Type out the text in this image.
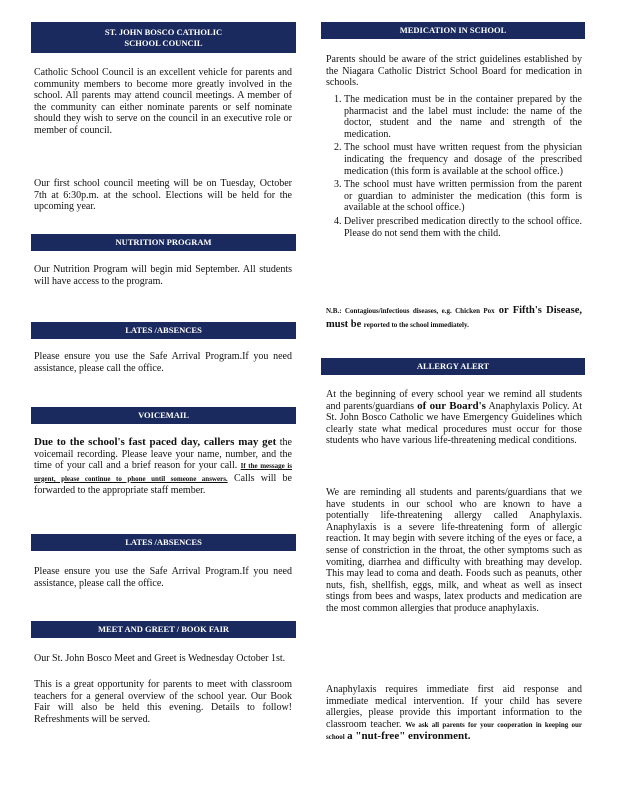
ST. JOHN BOSCO CATHOLIC
SCHOOL COUNCIL
Catholic School Council is an excellent vehicle for parents and community members to become more greatly involved in the school. All parents may attend council meetings. A member of the community can either nominate parents or self nominate should they wish to serve on the council in an executive role or member of council.
Our first school council meeting will be on Tuesday, October 7th at 6:30p.m. at the school. Elections will be held for the upcoming year.
NUTRITION PROGRAM
Our Nutrition Program will begin mid September. All students will have access to the program.
LATES /ABSENCES
Please ensure you use the Safe Arrival Program.If you need assistance, please call the office.
VOICEMAIL
Due to the school's fast paced day, callers may get the voicemail recording. Please leave your name, number, and the time of your call and a brief reason for your call. If the message is urgent, please continue to phone until someone answers. Calls will be forwarded to the appropriate staff member.
LATES /ABSENCES
Please ensure you use the Safe Arrival Program.If you need assistance, please call the office.
MEET AND GREET / BOOK FAIR
Our St. John Bosco Meet and Greet is Wednesday October 1st.
This is a great opportunity for parents to meet with classroom teachers for a general overview of the school year. Our Book Fair will also be held this evening. Details to follow! Refreshments will be served.
MEDICATION IN SCHOOL
Parents should be aware of the strict guidelines established by the Niagara Catholic District School Board for medication in schools.
1. The medication must be in the container prepared by the pharmacist and the label must include: the name of the doctor, student and the name and strength of the medication.
2. The school must have written request from the physician indicating the frequency and dosage of the prescribed medication (this form is available at the school office.)
3. The school must have written permission from the parent or guardian to administer the medication (this form is available at the school office.)
4. Deliver prescribed medication directly to the school office. Please do not send them with the child.
N.B.: Contagious/infectious diseases, e.g. Chicken Pox or Fifth's Disease, must be reported to the school immediately.
ALLERGY ALERT
At the beginning of every school year we remind all students and parents/guardians of our Board's Anaphylaxis Policy. At St. John Bosco Catholic we have Emergency Guidelines which clearly state what medical procedures must occur for those students who have various life-threatening medical conditions.
We are reminding all students and parents/guardians that we have students in our school who are known to have a potentially life-threatening allergy called Anaphylaxis. Anaphylaxis is a severe life-threatening form of allergic reaction. It may begin with severe itching of the eyes or face, a sense of constriction in the throat, the other symptoms such as vomiting, diarrhea and difficulty with breathing may develop. This may lead to coma and death. Foods such as peanuts, other nuts, fish, shellfish, eggs, milk, and wheat as well as insect stings from bees and wasps, latex products and medication are the most common allergies that produce anaphylaxis.
Anaphylaxis requires immediate first aid response and immediate medical intervention. If your child has severe allergies, please provide this important information to the classroom teacher. We ask all parents for your cooperation in keeping our school a "nut-free" environment.
